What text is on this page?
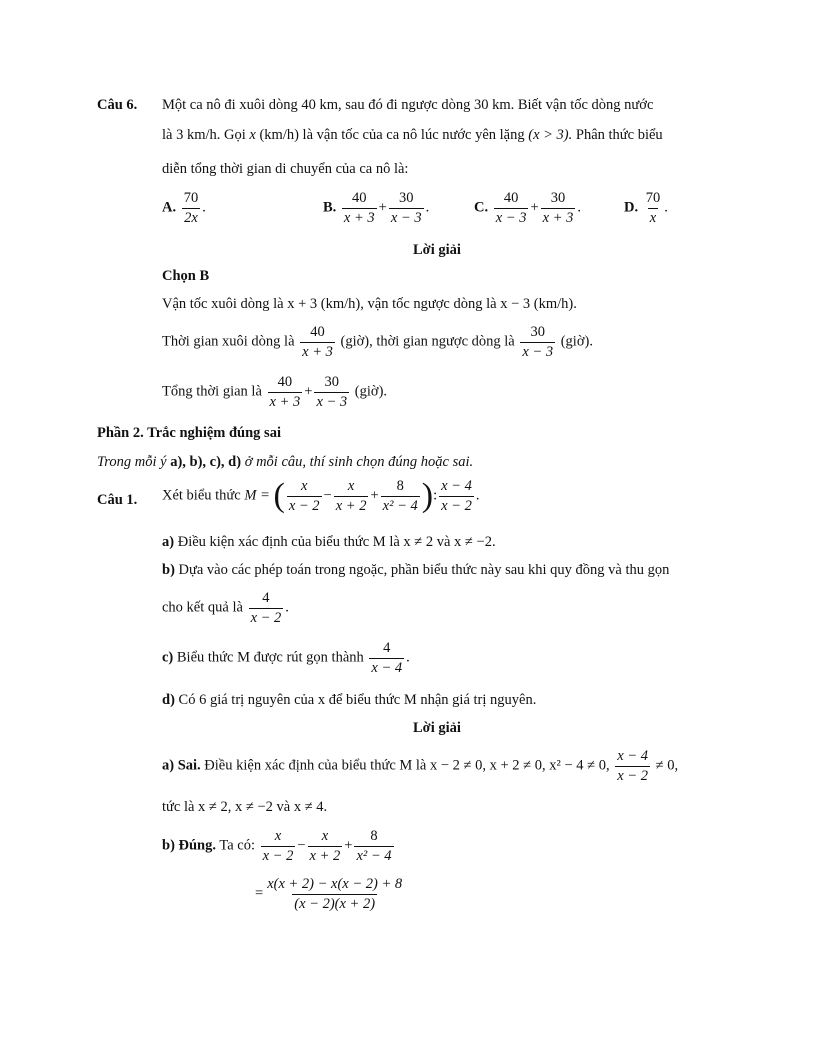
Câu 6. Một ca nô đi xuôi dòng 40 km, sau đó đi ngược dòng 30 km. Biết vận tốc dòng nước
là 3 km/h. Gọi x (km/h) là vận tốc của ca nô lúc nước yên lặng (x > 3). Phân thức biểu
diễn tổng thời gian di chuyển của ca nô là:
A. $\frac{70}{2x}$ .	B. $\frac{40}{x + 3} + \frac{30}{x - 3}$ .	C. $\frac{40}{x - 3} + \frac{30}{x + 3}$ .	D. $\frac{70}{x}$ .
Lời giải
Chọn B
Vận tốc xuôi dòng là x + 3 (km/h), vận tốc ngược dòng là x − 3 (km/h).
Thời gian xuôi dòng là $\frac{40}{x + 3}$ (giờ), thời gian ngược dòng là $\frac{30}{x - 3}$ (giờ).
Tổng thời gian là $\frac{40}{x + 3} + \frac{30}{x - 3}$ (giờ).
Phần 2. Trắc nghiệm đúng sai
Trong mỗi ý a), b), c), d) ở mỗi câu, thí sinh chọn đúng hoặc sai.
Câu 1. Xét biểu thức M = ( $\frac{x}{x - 2} - \frac{x}{x + 2} + \frac{8}{\text{x² − 4}}$ ): $\frac{x - 4}{x - 2}$ .
a) Điều kiện xác định của biểu thức M là x ≠ 2 và x ≠ −2.
b) Dựa vào các phép toán trong ngoặc, phần biểu thức này sau khi quy đồng và thu gọn
cho kết quả là $\frac{4}{x - 2}$ .
c) Biểu thức M được rút gọn thành $\frac{4}{x - 4}$ .
d) Có 6 giá trị nguyên của x để biểu thức M nhận giá trị nguyên.
Lời giải
a) Sai. Điều kiện xác định của biểu thức M là x − 2 ≠ 0, x + 2 ≠ 0, x² − 4 ≠ 0, $\frac{x - 4}{x - 2} \ne 0$,
tức là x ≠ 2, x ≠ −2 và x ≠ 4.
b) Đúng. Ta có: $\frac{x}{x - 2} - \frac{x}{x + 2} + \frac{8}{\text{x² − 4}}$
= $\frac{x(x + 2) - x(x - 2) + 8}{(x - 2)(x + 2)}$
